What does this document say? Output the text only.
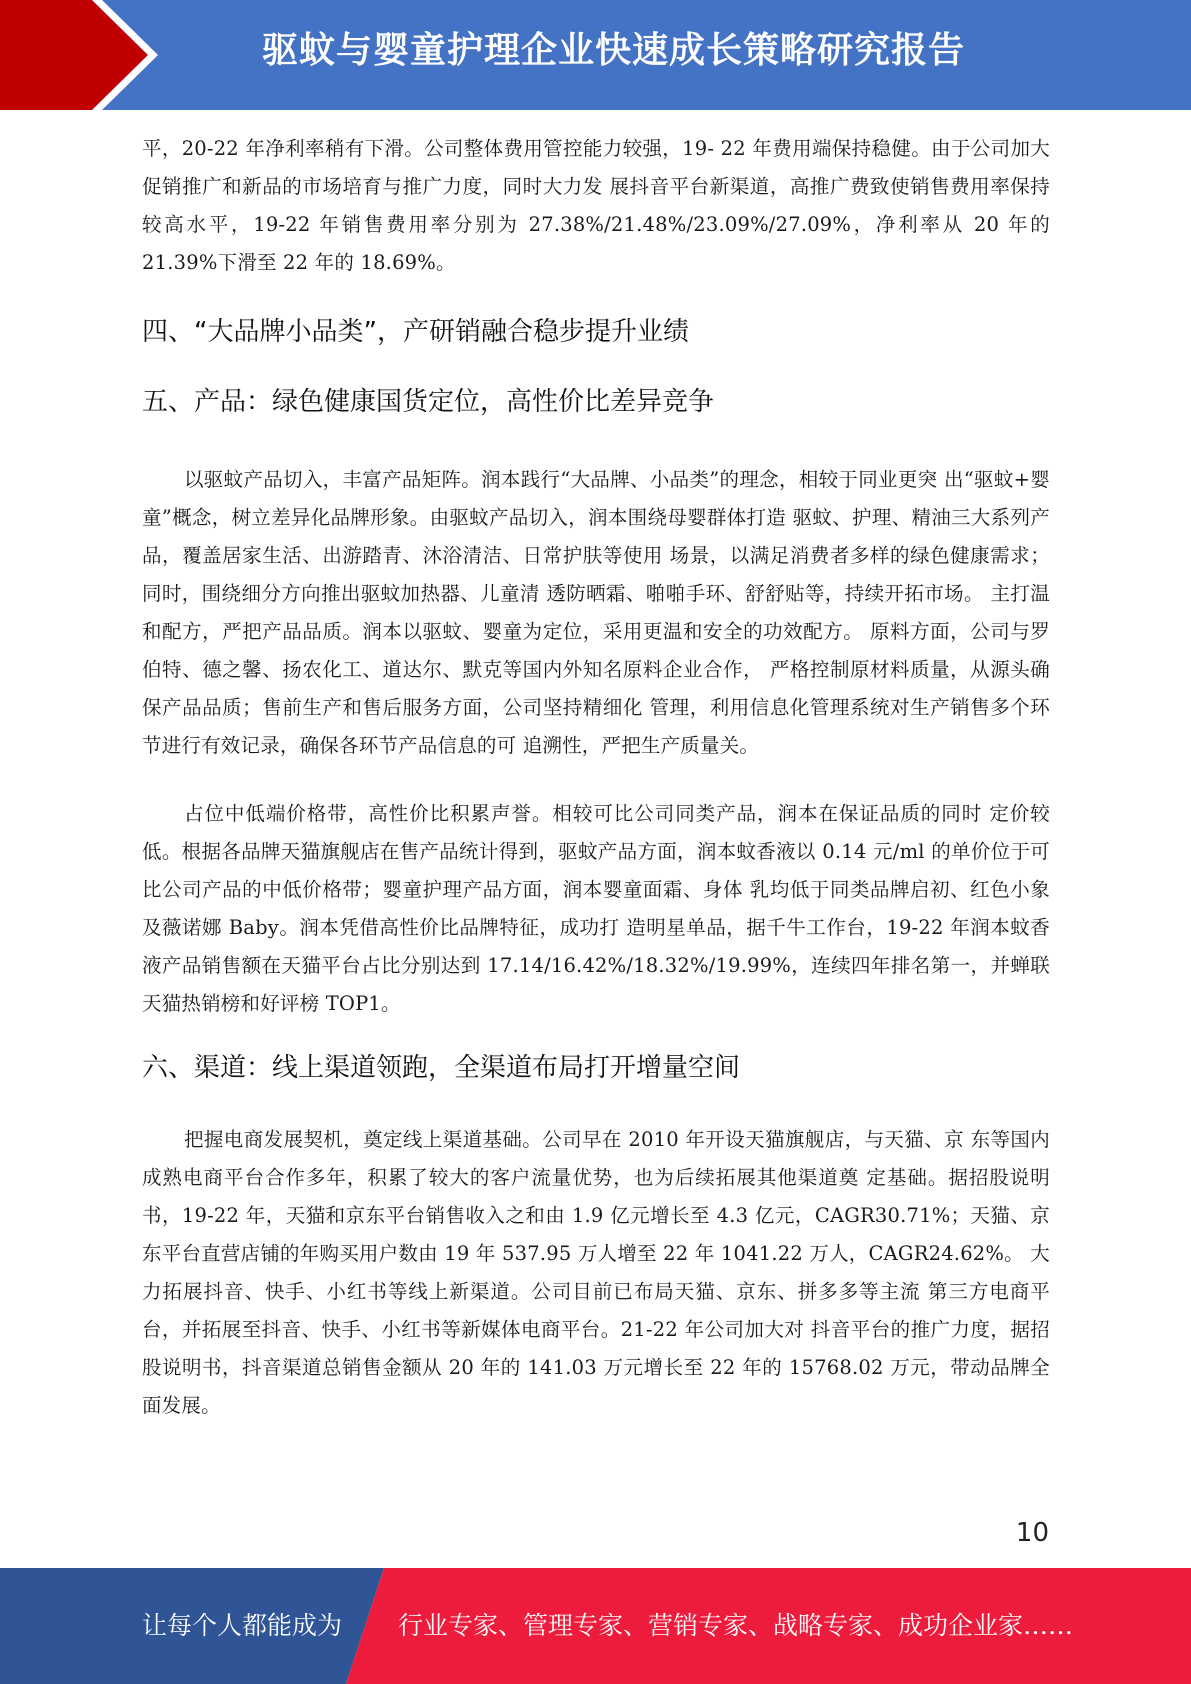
驱蚊与婴童护理企业快速成长策略研究报告

平，20-22 年净利率稍有下滑。公司整体费用管控能力较强，19- 22 年费用端保持稳健。由于公司加大促销推广和新品的市场培育与推广力度，同时大力发 展抖音平台新渠道，高推广费致使销售费用率保持较高水平，19-22 年销售费用率分别为 27.38%/21.48%/23.09%/27.09%，净利率从 20 年的 21.39%下滑至 22 年的 18.69%。

四、“大品牌小品类”，产研销融合稳步提升业绩
五、产品：绿色健康国货定位，高性价比差异竞争

以驱蚊产品切入，丰富产品矩阵。润本践行“大品牌、小品类”的理念，相较于同业更突 出“驱蚊+婴童”概念，树立差异化品牌形象。由驱蚊产品切入，润本围绕母婴群体打造 驱蚊、护理、精油三大系列产品，覆盖居家生活、出游踏青、沐浴清洁、日常护肤等使用 场景，以满足消费者多样的绿色健康需求；同时，围绕细分方向推出驱蚊加热器、儿童清 透防晒霜、啪啪手环、舒舒贴等，持续开拓市场。 主打温和配方，严把产品品质。润本以驱蚊、婴童为定位，采用更温和安全的功效配方。 原料方面，公司与罗伯特、德之馨、扬农化工、道达尔、默克等国内外知名原料企业合作， 严格控制原材料质量，从源头确保产品品质；售前生产和售后服务方面，公司坚持精细化 管理，利用信息化管理系统对生产销售多个环节进行有效记录，确保各环节产品信息的可 追溯性，严把生产质量关。

占位中低端价格带，高性价比积累声誉。相较可比公司同类产品，润本在保证品质的同时 定价较低。根据各品牌天猫旗舰店在售产品统计得到，驱蚊产品方面，润本蚊香液以 0.14 元/ml 的单价位于可比公司产品的中低价格带；婴童护理产品方面，润本婴童面霜、身体 乳均低于同类品牌启初、红色小象及薇诺娜 Baby。润本凭借高性价比品牌特征，成功打 造明星单品，据千牛工作台，19-22 年润本蚊香液产品销售额在天猫平台占比分别达到 17.14/16.42%/18.32%/19.99%，连续四年排名第一，并蝉联天猫热销榜和好评榜 TOP1。

六、渠道：线上渠道领跑，全渠道布局打开增量空间

把握电商发展契机，奠定线上渠道基础。公司早在 2010 年开设天猫旗舰店，与天猫、京 东等国内成熟电商平台合作多年，积累了较大的客户流量优势，也为后续拓展其他渠道奠 定基础。据招股说明书，19-22 年，天猫和京东平台销售收入之和由 1.9 亿元增长至 4.3 亿元，CAGR30.71%；天猫、京东平台直营店铺的年购买用户数由 19 年 537.95 万人增至 22 年 1041.22 万人，CAGR24.62%。 大力拓展抖音、快手、小红书等线上新渠道。公司目前已布局天猫、京东、拼多多等主流 第三方电商平台，并拓展至抖音、快手、小红书等新媒体电商平台。21-22 年公司加大对 抖音平台的推广力度，据招股说明书，抖音渠道总销售金额从 20 年的 141.03 万元增长至 22 年的 15768.02 万元，带动品牌全面发展。

10
让每个人都能成为 行业专家、管理专家、营销专家、战略专家、成功企业家……
